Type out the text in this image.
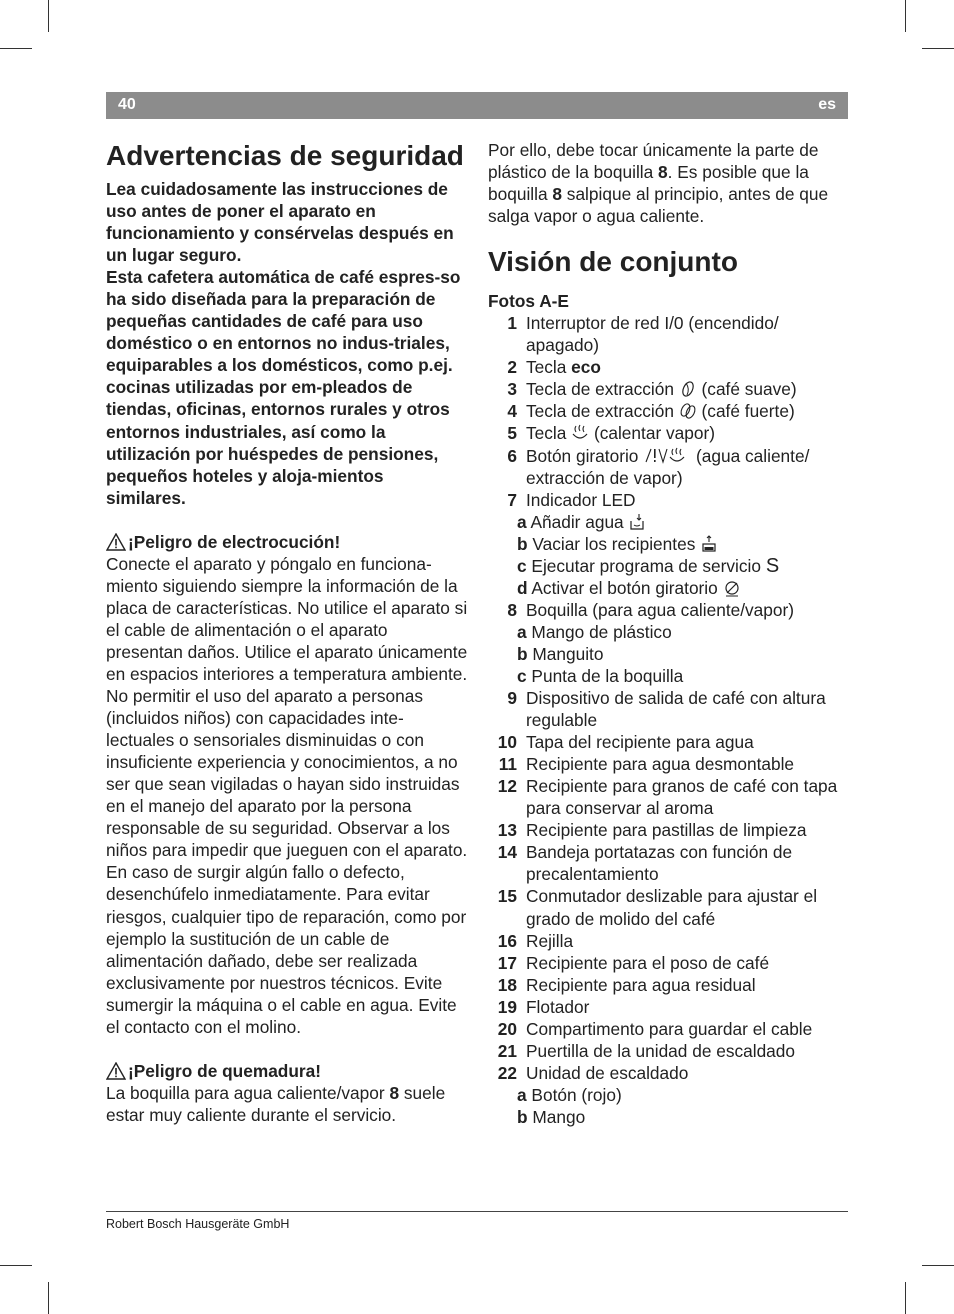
40	es
Advertencias de seguridad

Lea cuidadosamente las instrucciones de uso antes de poner el aparato en funcionamiento y consérvelas después en un lugar seguro.

Esta cafetera automática de café espres-so ha sido diseñada para la preparación de pequeñas cantidades de café para uso doméstico o en entornos no indus-triales, equiparables a los domésticos, como p.ej. cocinas utilizadas por em-pleados de tiendas, oficinas, entornos rurales y otros entornos industriales, así como la utilización por huéspedes de pensiones, pequeños hoteles y aloja-mientos similares.

¡Peligro de electrocución!

Conecte el aparato y póngalo en funciona-miento siguiendo siempre la información de la placa de características. No utilice el aparato si el cable de alimentación o el aparato presentan daños. Utilice el aparato únicamente en espacios interiores a temperatura ambiente.

No permitir el uso del aparato a personas (incluidos niños) con capacidades inte-lectuales o sensoriales disminuidas o con insuficiente experiencia y conocimientos, a no ser que sean vigiladas o hayan sido instruidas en el manejo del aparato por la persona responsable de su seguridad. Observar a los niños para impedir que jueguen con el aparato.

En caso de surgir algún fallo o defecto, desenchúfelo inmediatamente. Para evitar riesgos, cualquier tipo de reparación, como por ejemplo la sustitución de un cable de alimentación dañado, debe ser realizada exclusivamente por nuestros técnicos. Evite sumergir la máquina o el cable en agua. Evite el contacto con el molino.

¡Peligro de quemadura!

La boquilla para agua caliente/vapor 8 suele estar muy caliente durante el servicio.

Por ello, debe tocar únicamente la parte de plástico de la boquilla 8. Es posible que la boquilla 8 salpique al principio, antes de que salga vapor o agua caliente.

Visión de conjunto

Fotos A-E

1 Interruptor de red I/0 (encendido/ apagado)
2 Tecla eco
3 Tecla de extracción  (café suave)
4 Tecla de extracción  (café fuerte)
5 Tecla  (calentar vapor)
6 Botón giratorio	(agua caliente/ extracción de vapor)
7 Indicador LED
a Añadir agua
b Vaciar los recipientes
c Ejecutar programa de servicio S
d Activar el botón giratorio
8 Boquilla (para agua caliente/vapor)
a Mango de plástico
b Manguito
c Punta de la boquilla
9 Dispositivo de salida de café con altura regulable
10 Tapa del recipiente para agua
11 Recipiente para agua desmontable
12 Recipiente para granos de café con tapa para conservar al aroma
13 Recipiente para pastillas de limpieza
14 Bandeja portatazas con función de precalentamiento
15 Conmutador deslizable para ajustar el grado de molido del café
16 Rejilla
17 Recipiente para el poso de café
18 Recipiente para agua residual
19 Flotador
20 Compartimento para guardar el cable
21 Puertilla de la unidad de escaldado
22 Unidad de escaldado
a Botón (rojo)
b Mango
Robert Bosch Hausgeräte GmbH
